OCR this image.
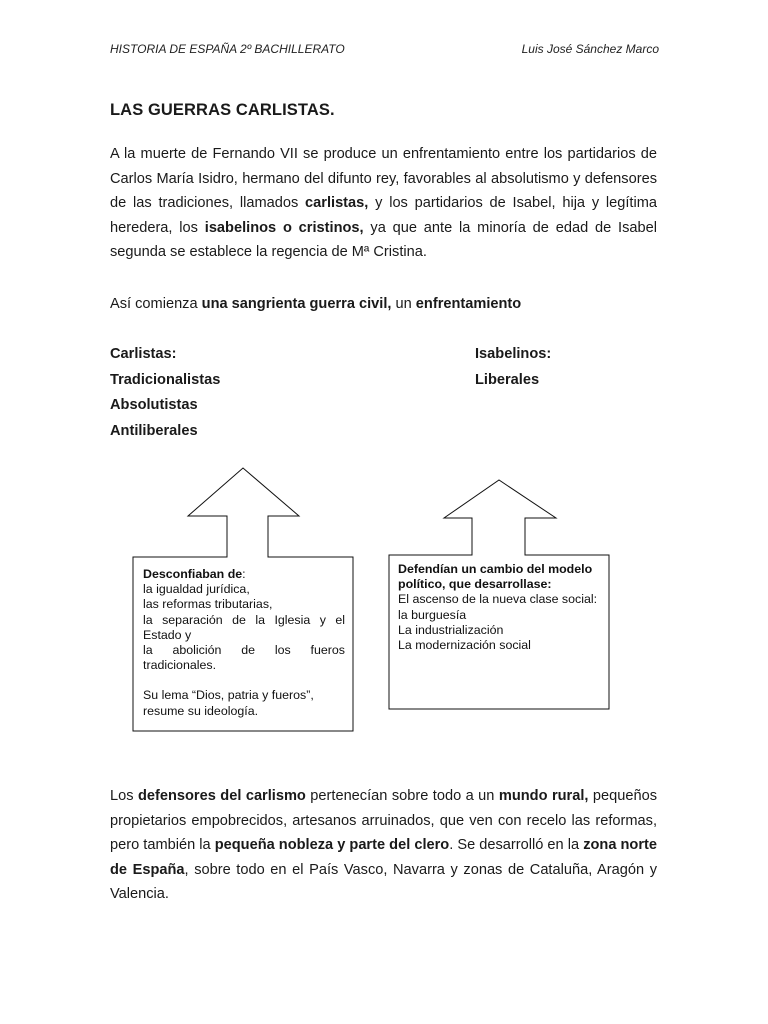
HISTORIA DE ESPAÑA 2º BACHILLERATO	Luis José Sánchez Marco
LAS GUERRAS CARLISTAS.

A la muerte de Fernando VII se produce un enfrentamiento entre los partidarios de Carlos María Isidro, hermano del difunto rey, favorables al absolutismo y defensores de las tradiciones, llamados carlistas, y los partidarios de Isabel, hija y legítima heredera, los isabelinos o cristinos, ya que ante la minoría de edad de Isabel segunda se establece la regencia de Mª Cristina.

Así comienza una sangrienta guerra civil, un enfrentamiento

Carlistas:
Tradicionalistas
Absolutistas
Antiliberales
Isabelinos:
Liberales

Desconfiaban de:

la igualdad jurídica,

las reformas tributarias,

la separación de la Iglesia y el Estado y

la abolición de los fueros tradicionales.

Su lema “Dios, patria y fueros”, resume su ideología.

Defendían un cambio del modelo político, que desarrollase:

El ascenso de la nueva clase social: la burguesía

La industrialización

La modernización social

Los defensores del carlismo pertenecían sobre todo a un mundo rural, pequeños propietarios empobrecidos, artesanos arruinados, que ven con recelo las reformas, pero también la pequeña nobleza y parte del clero. Se desarrolló en la zona norte de España, sobre todo en el País Vasco, Navarra y zonas de Cataluña, Aragón y Valencia.
